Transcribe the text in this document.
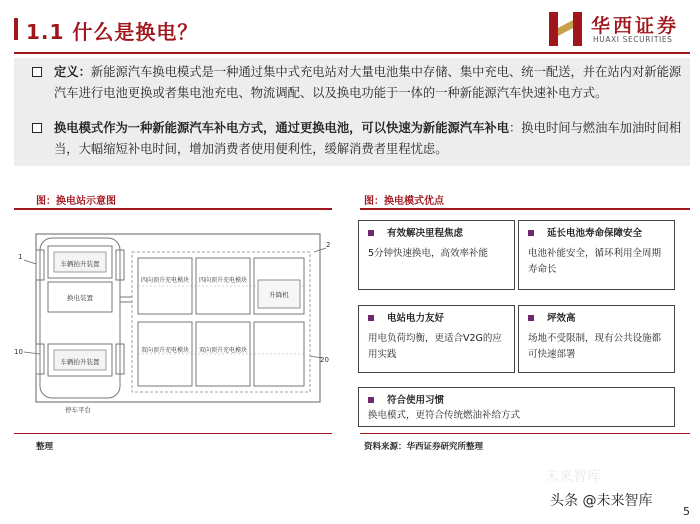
1.1 什么是换电？	华西证券
HUAXI SECURITIES
定义：新能源汽车换电模式是一种通过集中式充电站对大量电池集中存储、集中充电、统一配送，并在站内对新能源汽车进行电池更换或者集电池充电、物流调配、以及换电功能于一体的一种新能源汽车快速补电方式。
换电模式作为一种新能源汽车补电方式，通过更换电池，可以快速为新能源汽车补电：换电时间与燃油车加油时间相当，大幅缩短补电时间，增加消费者使用便利性，缓解消费者里程忧虑。
图：换电站示意图
车辆抬升装置
换电装置
车辆抬升装置
停车平台
四向顶升充电模块 四向顶升充电模块
升降机
双向顶升充电模块 双向顶升充电模块
1
10
2
20
整理
图：换电模式优点
有效解决里程焦虑
5分钟快速换电，高效率补能
延长电池寿命保障安全
电池补能安全，循环利用全周期寿命长
电站电力友好
用电负荷均衡，更适合V2G的应用实践
坪效高
场地不受限制，现有公共设施都可快速部署
符合使用习惯
换电模式，更符合传统燃油补给方式
资料来源：华西证券研究所整理
未来智库
头条 @未来智库
5
